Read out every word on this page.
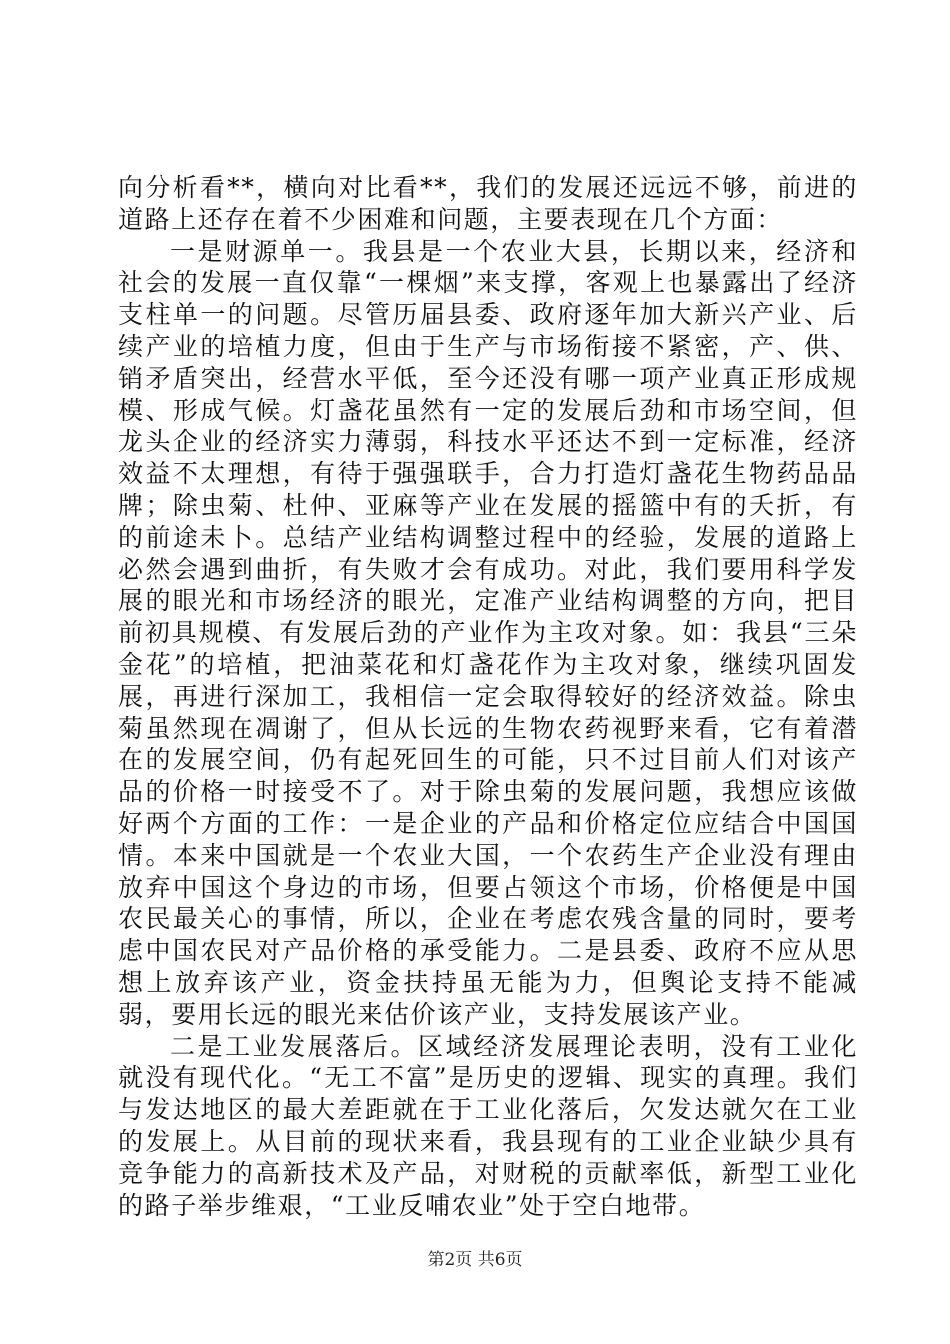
向分析看**，横向对比看**，我们的发展还远远不够，前进的道路上还存在着不少困难和问题，主要表现在几个方面：

一是财源单一。我县是一个农业大县，长期以来，经济和社会的发展一直仅靠“一棵烟”来支撑，客观上也暴露出了经济支柱单一的问题。尽管历届县委、政府逐年加大新兴产业、后续产业的培植力度，但由于生产与市场衔接不紧密，产、供、销矛盾突出，经营水平低，至今还没有哪一项产业真正形成规模、形成气候。灯盏花虽然有一定的发展后劲和市场空间，但龙头企业的经济实力薄弱，科技水平还达不到一定标准，经济效益不太理想，有待于强强联手，合力打造灯盏花生物药品品牌；除虫菊、杜仲、亚麻等产业在发展的摇篮中有的夭折，有的前途未卜。总结产业结构调整过程中的经验，发展的道路上必然会遇到曲折，有失败才会有成功。对此，我们要用科学发展的眼光和市场经济的眼光，定准产业结构调整的方向，把目前初具规模、有发展后劲的产业作为主攻对象。如：我县“三朵金花”的培植，把油菜花和灯盏花作为主攻对象，继续巩固发展，再进行深加工，我相信一定会取得较好的经济效益。除虫菊虽然现在凋谢了，但从长远的生物农药视野来看，它有着潜在的发展空间，仍有起死回生的可能，只不过目前人们对该产品的价格一时接受不了。对于除虫菊的发展问题，我想应该做好两个方面的工作：一是企业的产品和价格定位应结合中国国情。本来中国就是一个农业大国，一个农药生产企业没有理由放弃中国这个身边的市场，但要占领这个市场，价格便是中国农民最关心的事情，所以，企业在考虑农残含量的同时，要考虑中国农民对产品价格的承受能力。二是县委、政府不应从思想上放弃该产业，资金扶持虽无能为力，但舆论支持不能减弱，要用长远的眼光来估价该产业，支持发展该产业。

二是工业发展落后。区域经济发展理论表明，没有工业化就没有现代化。“无工不富”是历史的逻辑、现实的真理。我们与发达地区的最大差距就在于工业化落后，欠发达就欠在工业的发展上。从目前的现状来看，我县现有的工业企业缺少具有竞争能力的高新技术及产品，对财税的贡献率低，新型工业化的路子举步维艰，“工业反哺农业”处于空白地带。

第2页 共6页
